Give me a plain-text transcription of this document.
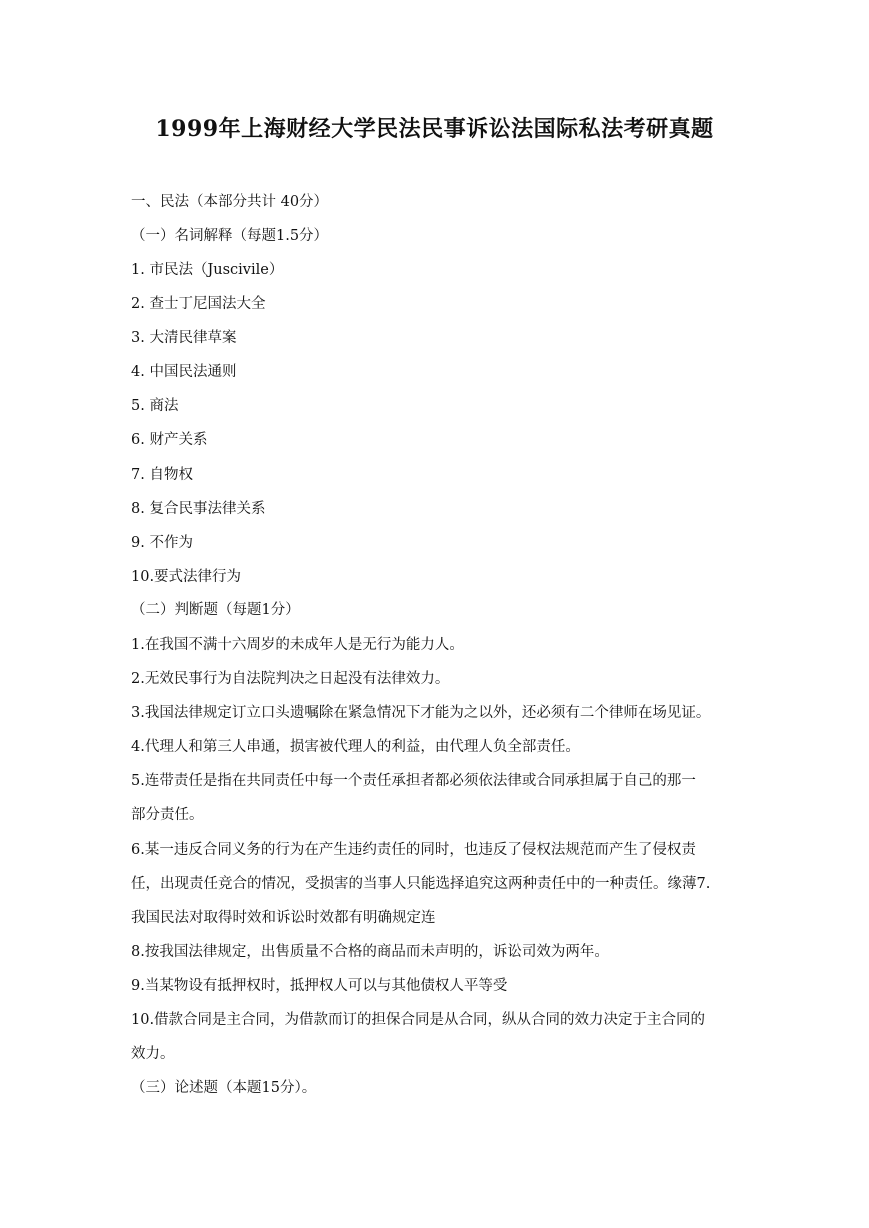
1999年上海财经大学民法民事诉讼法国际私法考研真题
一、民法（本部分共计 40分）
（一）名词解释（每题1.5分）
1. 市民法（Juscivile）
2. 查士丁尼国法大全
3. 大清民律草案
4. 中国民法通则
5. 商法
6. 财产关系
7. 自物权
8. 复合民事法律关系
9. 不作为
10.要式法律行为
（二）判断题（每题1分）
1.在我国不满十六周岁的未成年人是无行为能力人。
2.无效民事行为自法院判决之日起没有法律效力。
3.我国法律规定订立口头遗嘱除在紧急情况下才能为之以外，还必须有二个律师在场见证。
4.代理人和第三人串通，损害被代理人的利益，由代理人负全部责任。
5.连带责任是指在共同责任中每一个责任承担者都必须依法律或合同承担属于自己的那一
部分责任。
6.某一违反合同义务的行为在产生违约责任的同时，也违反了侵权法规范而产生了侵权责
任，出现责任竞合的情况，受损害的当事人只能选择追究这两种责任中的一种责任。缘薄7.
我国民法对取得时效和诉讼时效都有明确规定连
8.按我国法律规定，出售质量不合格的商品而未声明的，诉讼司效为两年。
9.当某物设有抵押权时，抵押权人可以与其他债权人平等受
10.借款合同是主合同，为借款而订的担保合同是从合同，纵从合同的效力决定于主合同的
效力。
（三）论述题（本题15分）。
